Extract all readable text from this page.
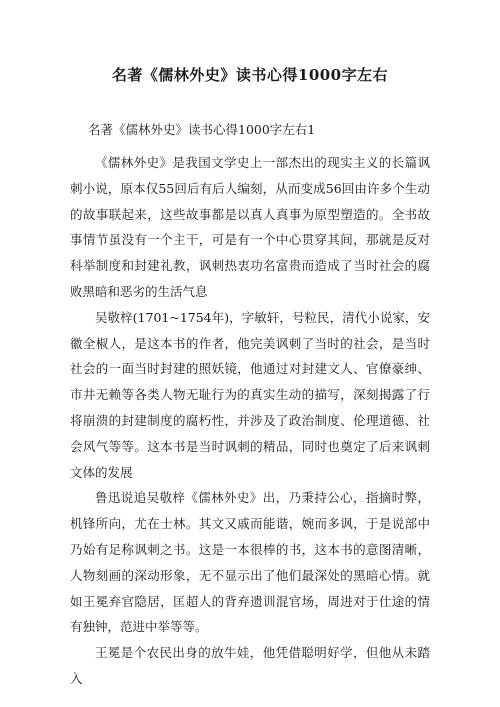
名著《儒林外史》读书心得1000字左右
名著《儒林外史》读书心得1000字左右1

《儒林外史》是我国文学史上一部杰出的现实主义的长篇讽刺小说，原本仅55回后有后人编刻，从而变成56回由许多个生动的故事联起来，这些故事都是以真人真事为原型塑造的。全书故事情节虽没有一个主干，可是有一个中心贯穿其间，那就是反对科举制度和封建礼教，讽刺热衷功名富贵而造成了当时社会的腐败黑暗和恶劣的生活气息

吴敬梓(1701~1754年)，字敏轩，号粒民，清代小说家，安徽全椒人，是这本书的作者，他完美讽刺了当时的社会，是当时社会的一面当时封建的照妖镜，他通过对封建文人、官僚豪绅、市井无赖等各类人物无耻行为的真实生动的描写，深刻揭露了行将崩溃的封建制度的腐朽性，并涉及了政治制度、伦理道德、社会风气等等。这本书是当时讽刺的精品，同时也奠定了后来讽刺文体的发展

鲁迅说追吴敬梓《儒林外史》出，乃秉持公心，指摘时弊，机锋所向，尤在士林。其文又戚而能谐，婉而多讽，于是说部中乃始有足称讽刺之书。这是一本很棒的书，这本书的意图清晰，人物刻画的深动形象，无不显示出了他们最深处的黑暗心情。就如王冕弃官隐居，匡超人的背弃遗训混官场，周进对于仕途的情有独钟，范进中举等等。

王冕是个农民出身的放牛娃，他凭借聪明好学，但他从未踏入
